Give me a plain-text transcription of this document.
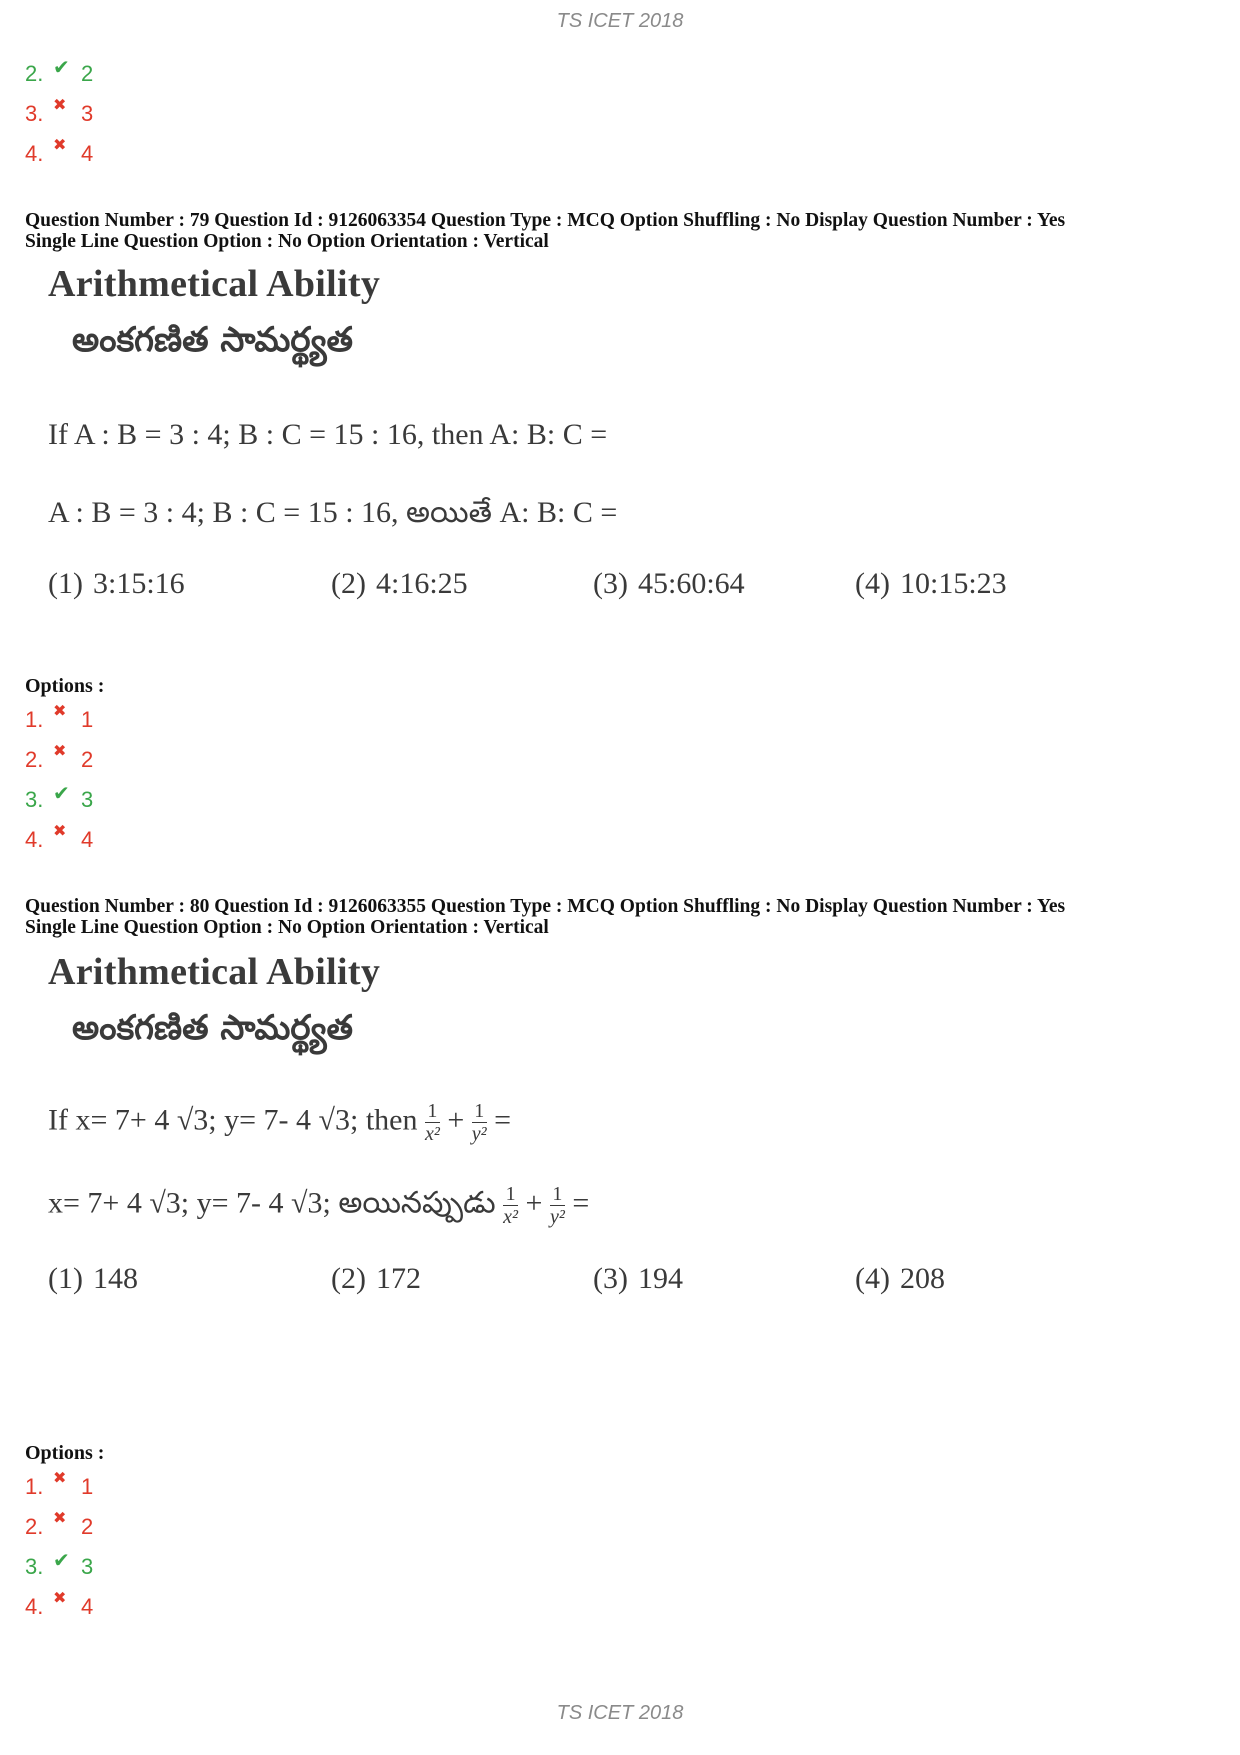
TS ICET 2018
2. ✔ 2
3. ✖ 3
4. ✖ 4
Question Number : 79 Question Id : 9126063354 Question Type : MCQ Option Shuffling : No Display Question Number : Yes
Single Line Question Option : No Option Orientation : Vertical
Arithmetical Ability
అంకగణిత సామర్థ్యత
If A : B = 3 : 4; B : C = 15 : 16, then A: B: C =
A : B = 3 : 4; B : C = 15 : 16, అయితే A: B: C =
(1) 3:15:16	(2) 4:16:25	(3) 45:60:64	(4) 10:15:23
Options :
1. ✖ 1
2. ✖ 2
3. ✔ 3
4. ✖ 4
Question Number : 80 Question Id : 9126063355 Question Type : MCQ Option Shuffling : No Display Question Number : Yes
Single Line Question Option : No Option Orientation : Vertical
Arithmetical Ability
అంకగణిత సామర్థ్యత
If x= 7+ 4 √3; y= 7- 4 √3; then $\frac{1}{\text{x²}} + \frac{1}{\text{y²}}$ =
x= 7+ 4 √3; y= 7- 4 √3; అయినప్పుడు $\frac{1}{\text{x²}} + \frac{1}{\text{y²}}$ =
(1) 148	(2) 172	(3) 194	(4) 208
Options :
1. ✖ 1
2. ✖ 2
3. ✔ 3
4. ✖ 4
TS ICET 2018
